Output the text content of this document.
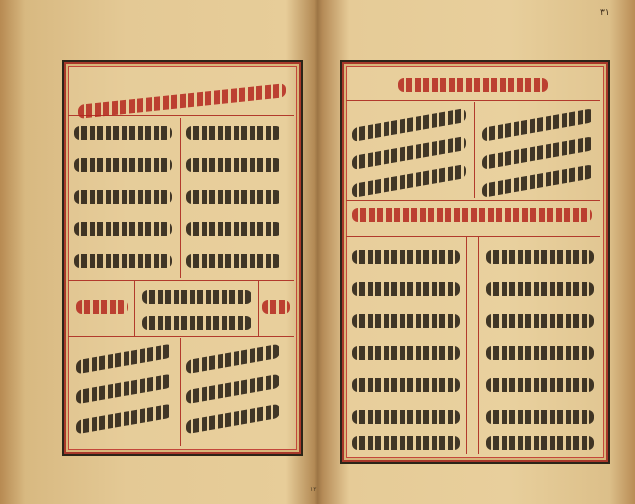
٣١
١٢
